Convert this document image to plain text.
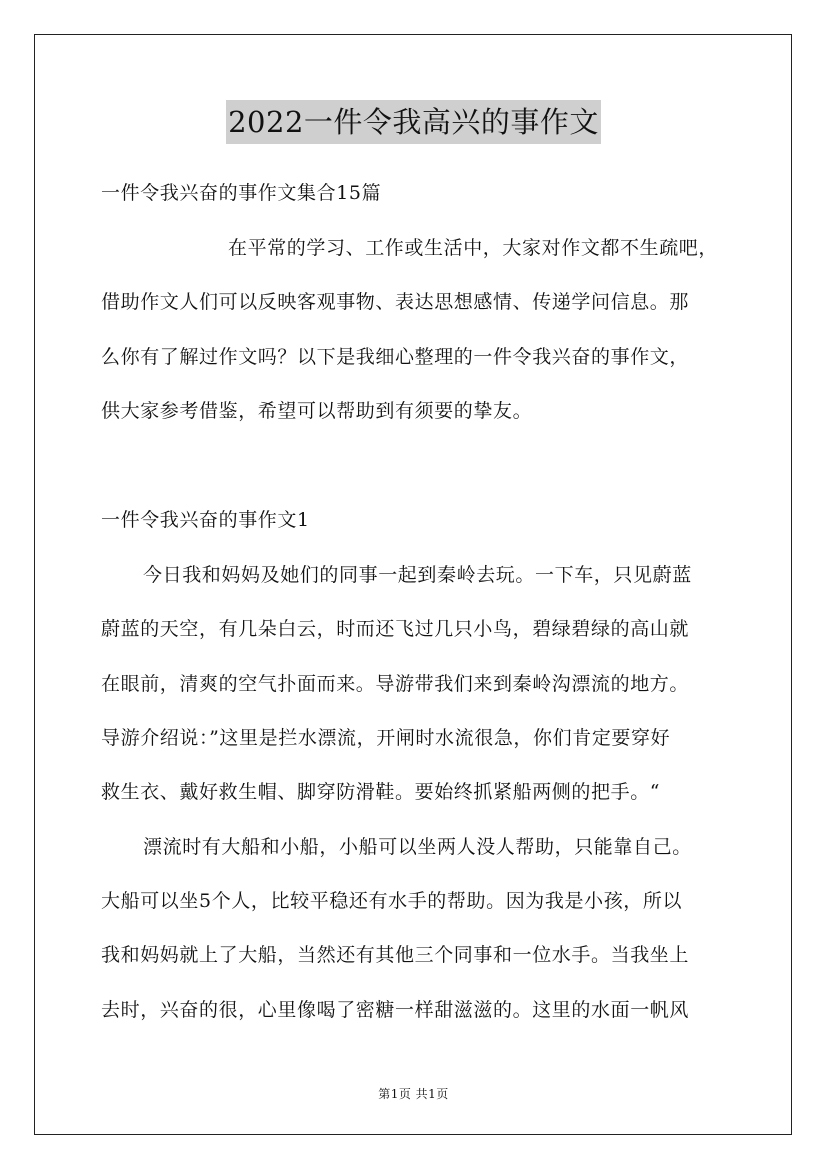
2022一件令我高兴的事作文
一件令我兴奋的事作文集合15篇
在平常的学习、工作或生活中，大家对作文都不生疏吧，
借助作文人们可以反映客观事物、表达思想感情、传递学问信息。那
么你有了解过作文吗？以下是我细心整理的一件令我兴奋的事作文，
供大家参考借鉴，希望可以帮助到有须要的挚友。
一件令我兴奋的事作文1
今日我和妈妈及她们的同事一起到秦岭去玩。一下车，只见蔚蓝
蔚蓝的天空，有几朵白云，时而还飞过几只小鸟，碧绿碧绿的高山就
在眼前，清爽的空气扑面而来。导游带我们来到秦岭沟漂流的地方。
导游介绍说：”这里是拦水漂流，开闸时水流很急，你们肯定要穿好
救生衣、戴好救生帽、脚穿防滑鞋。要始终抓紧船两侧的把手。“
漂流时有大船和小船，小船可以坐两人没人帮助，只能靠自己。
大船可以坐5个人，比较平稳还有水手的帮助。因为我是小孩，所以
我和妈妈就上了大船，当然还有其他三个同事和一位水手。当我坐上
去时，兴奋的很，心里像喝了密糖一样甜滋滋的。这里的水面一帆风
第1页 共1页
